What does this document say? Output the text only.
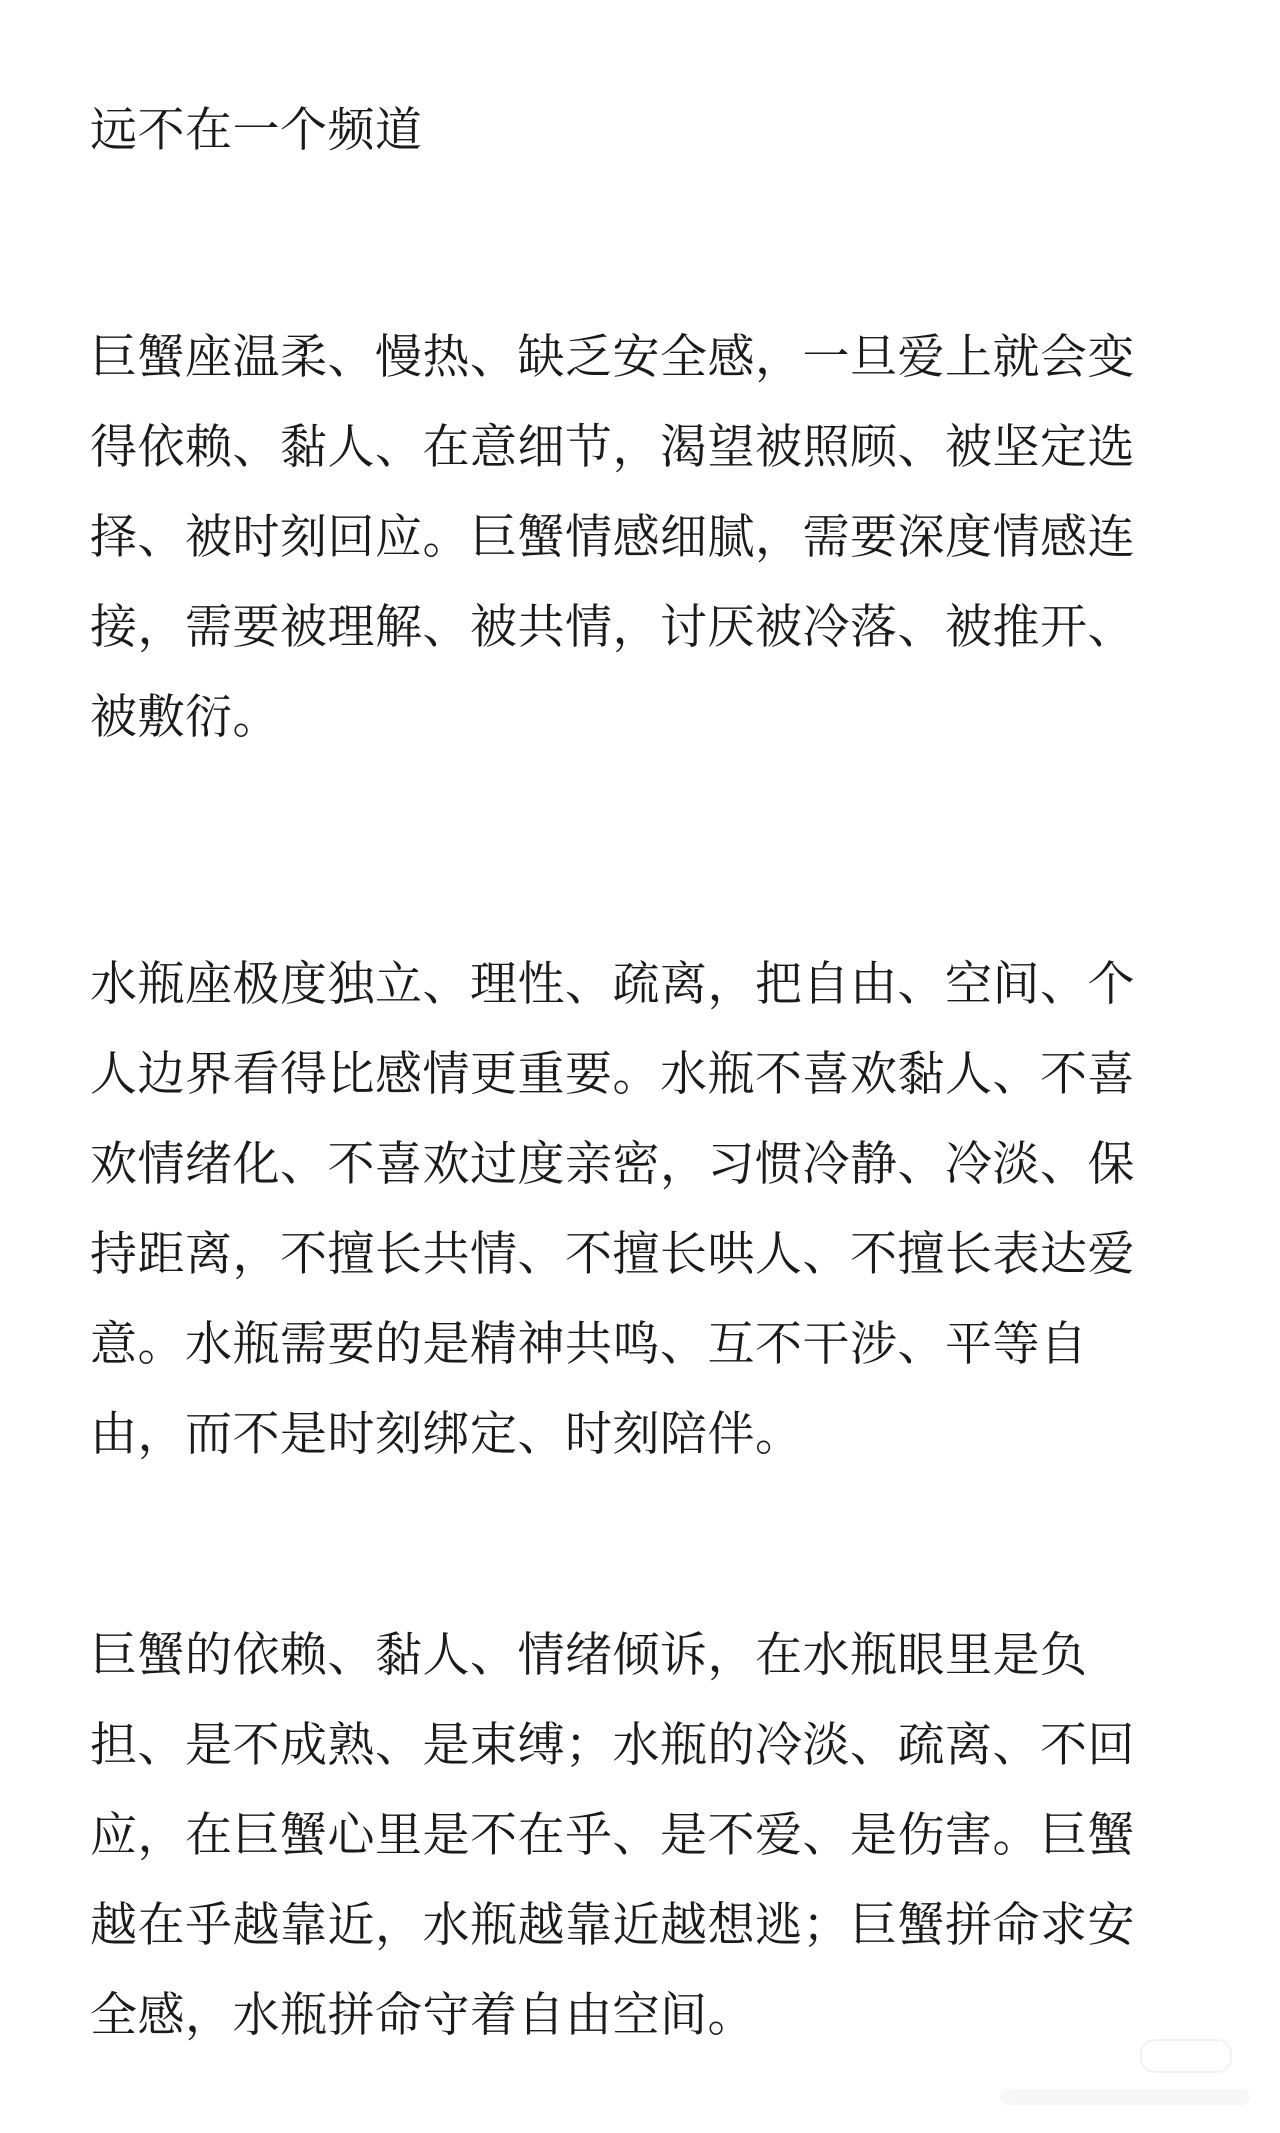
远不在一个频道

巨蟹座温柔、慢热、缺乏安全感，一旦爱上就会变

得依赖、黏人、在意细节，渴望被照顾、被坚定选

择、被时刻回应。巨蟹情感细腻，需要深度情感连

接，需要被理解、被共情，讨厌被冷落、被推开、

被敷衍。

水瓶座极度独立、理性、疏离，把自由、空间、个

人边界看得比感情更重要。水瓶不喜欢黏人、不喜

欢情绪化、不喜欢过度亲密，习惯冷静、冷淡、保

持距离，不擅长共情、不擅长哄人、不擅长表达爱

意。水瓶需要的是精神共鸣、互不干涉、平等自

由，而不是时刻绑定、时刻陪伴。

巨蟹的依赖、黏人、情绪倾诉，在水瓶眼里是负

担、是不成熟、是束缚；水瓶的冷淡、疏离、不回

应，在巨蟹心里是不在乎、是不爱、是伤害。巨蟹

越在乎越靠近，水瓶越靠近越想逃；巨蟹拼命求安

全感，水瓶拼命守着自由空间。
